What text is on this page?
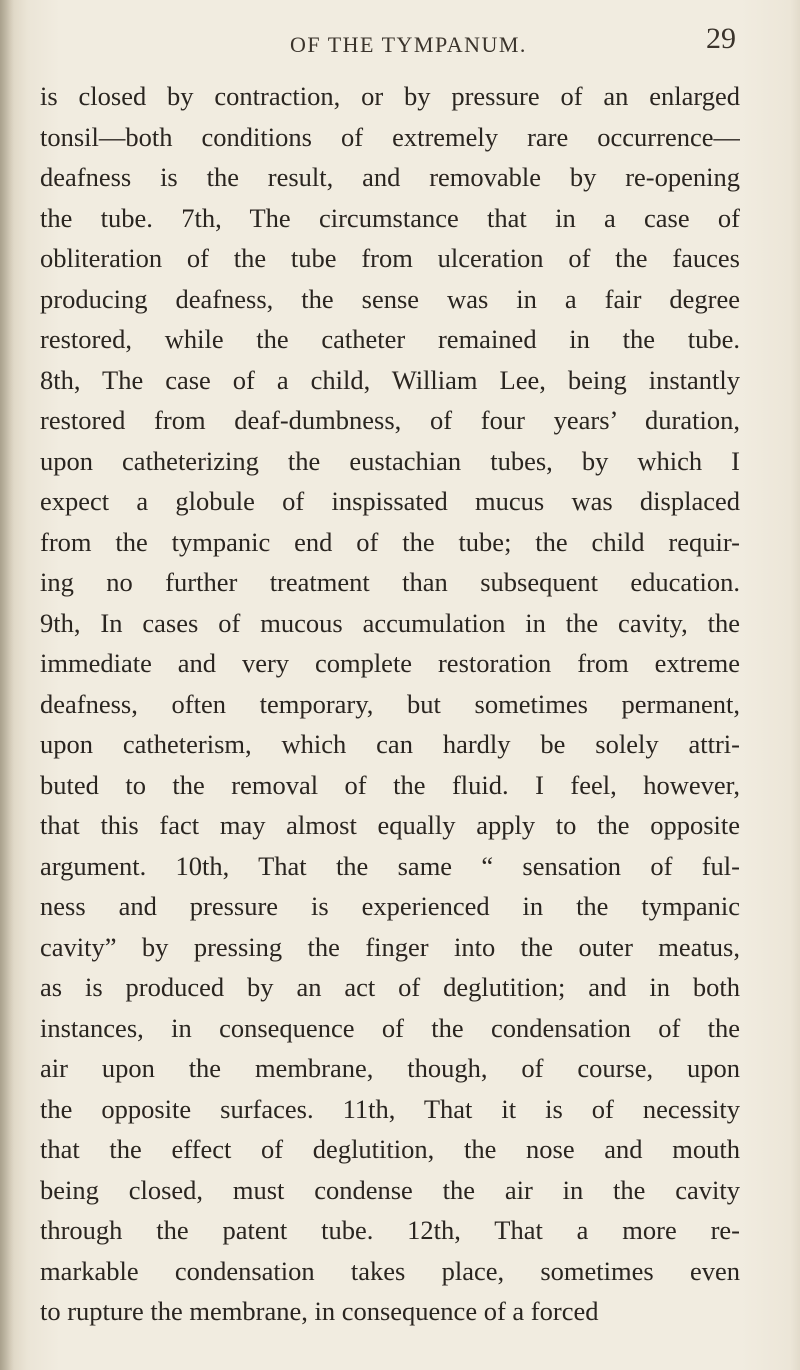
OF THE TYMPANUM.	29
is closed by contraction, or by pressure of an enlarged
tonsil—both conditions of extremely rare occurrence—
deafness is the result, and removable by re-opening
the tube. 7th, The circumstance that in a case of
obliteration of the tube from ulceration of the fauces
producing deafness, the sense was in a fair degree
restored, while the catheter remained in the tube.
8th, The case of a child, William Lee, being instantly
restored from deaf-dumbness, of four years’ duration,
upon catheterizing the eustachian tubes, by which I
expect a globule of inspissated mucus was displaced
from the tympanic end of the tube; the child requir-
ing no further treatment than subsequent education.
9th, In cases of mucous accumulation in the cavity, the
immediate and very complete restoration from extreme
deafness, often temporary, but sometimes permanent,
upon catheterism, which can hardly be solely attri-
buted to the removal of the fluid. I feel, however,
that this fact may almost equally apply to the opposite
argument. 10th, That the same “ sensation of ful-
ness and pressure is experienced in the tympanic
cavity” by pressing the finger into the outer meatus,
as is produced by an act of deglutition; and in both
instances, in consequence of the condensation of the
air upon the membrane, though, of course, upon
the opposite surfaces. 11th, That it is of necessity
that the effect of deglutition, the nose and mouth
being closed, must condense the air in the cavity
through the patent tube. 12th, That a more re-
markable condensation takes place, sometimes even
to rupture the membrane, in consequence of a forced
